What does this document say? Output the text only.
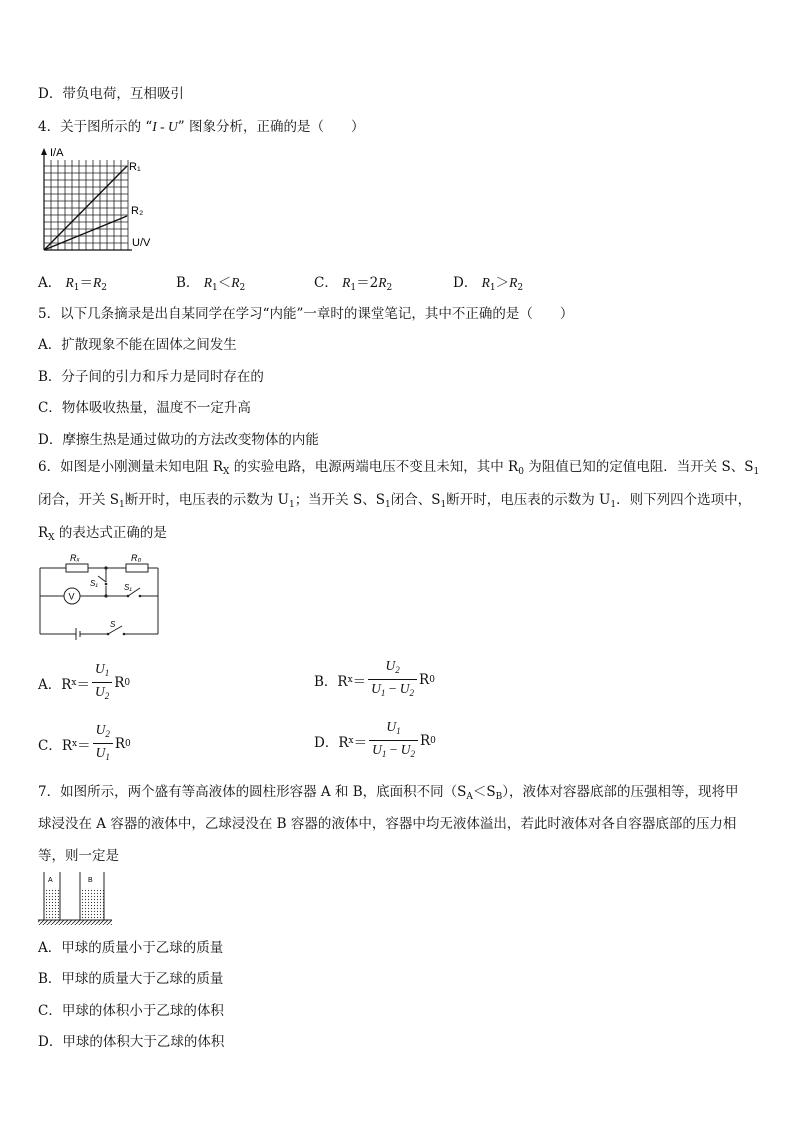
D．带负电荷，互相吸引
4．关于图所示的 “I - U” 图象分析，正确的是（　　）
I/A
U/V
R₁
R₂
A． $R_1=R_2$	B． $R_1<R_2$	C． $R_1=2R_2$	D． $R_1>R_2$
5．以下几条摘录是出自某同学在学习“内能”一章时的课堂笔记，其中不正确的是（　　）
A．扩散现象不能在固体之间发生
B．分子间的引力和斥力是同时存在的
C．物体吸收热量，温度不一定升高
D．摩擦生热是通过做功的方法改变物体的内能
6．如图是小刚测量未知电阻 $R_X$ 的实验电路，电源两端电压不变且未知，其中 $R_0$ 为阻值已知的定值电阻．当开关 S、$S_1$ 闭合，开关 $S_1$断开时，电压表的示数为 $U_1$；当开关 S、$S_1$闭合、$S_1$断开时，电压表的示数为 $U_1$．则下列四个选项中，$R_X$ 的表达式正确的是
Rₓ	R₀
V
S₁	S₁
S
A．R $x = \frac{U_1}{U_2}$ R 0	B．R $x = \frac{U_2}{U_1 - U_2}$ R 0
C．R $x = \frac{U_2}{U_1}$ R 0	D．R $x = \frac{U_1}{U_1 - U_2}$ R 0
7．如图所示，两个盛有等高液体的圆柱形容器 A 和 B，底面积不同$(S_A<S_B)$，液体对容器底部的压强相等，现将甲
球浸没在 A 容器的液体中，乙球浸没在 B 容器的液体中，容器中均无液体溢出，若此时液体对各自容器底部的压力相
等，则一定是
A	B
A．甲球的质量小于乙球的质量
B．甲球的质量大于乙球的质量
C．甲球的体积小于乙球的体积
D．甲球的体积大于乙球的体积
